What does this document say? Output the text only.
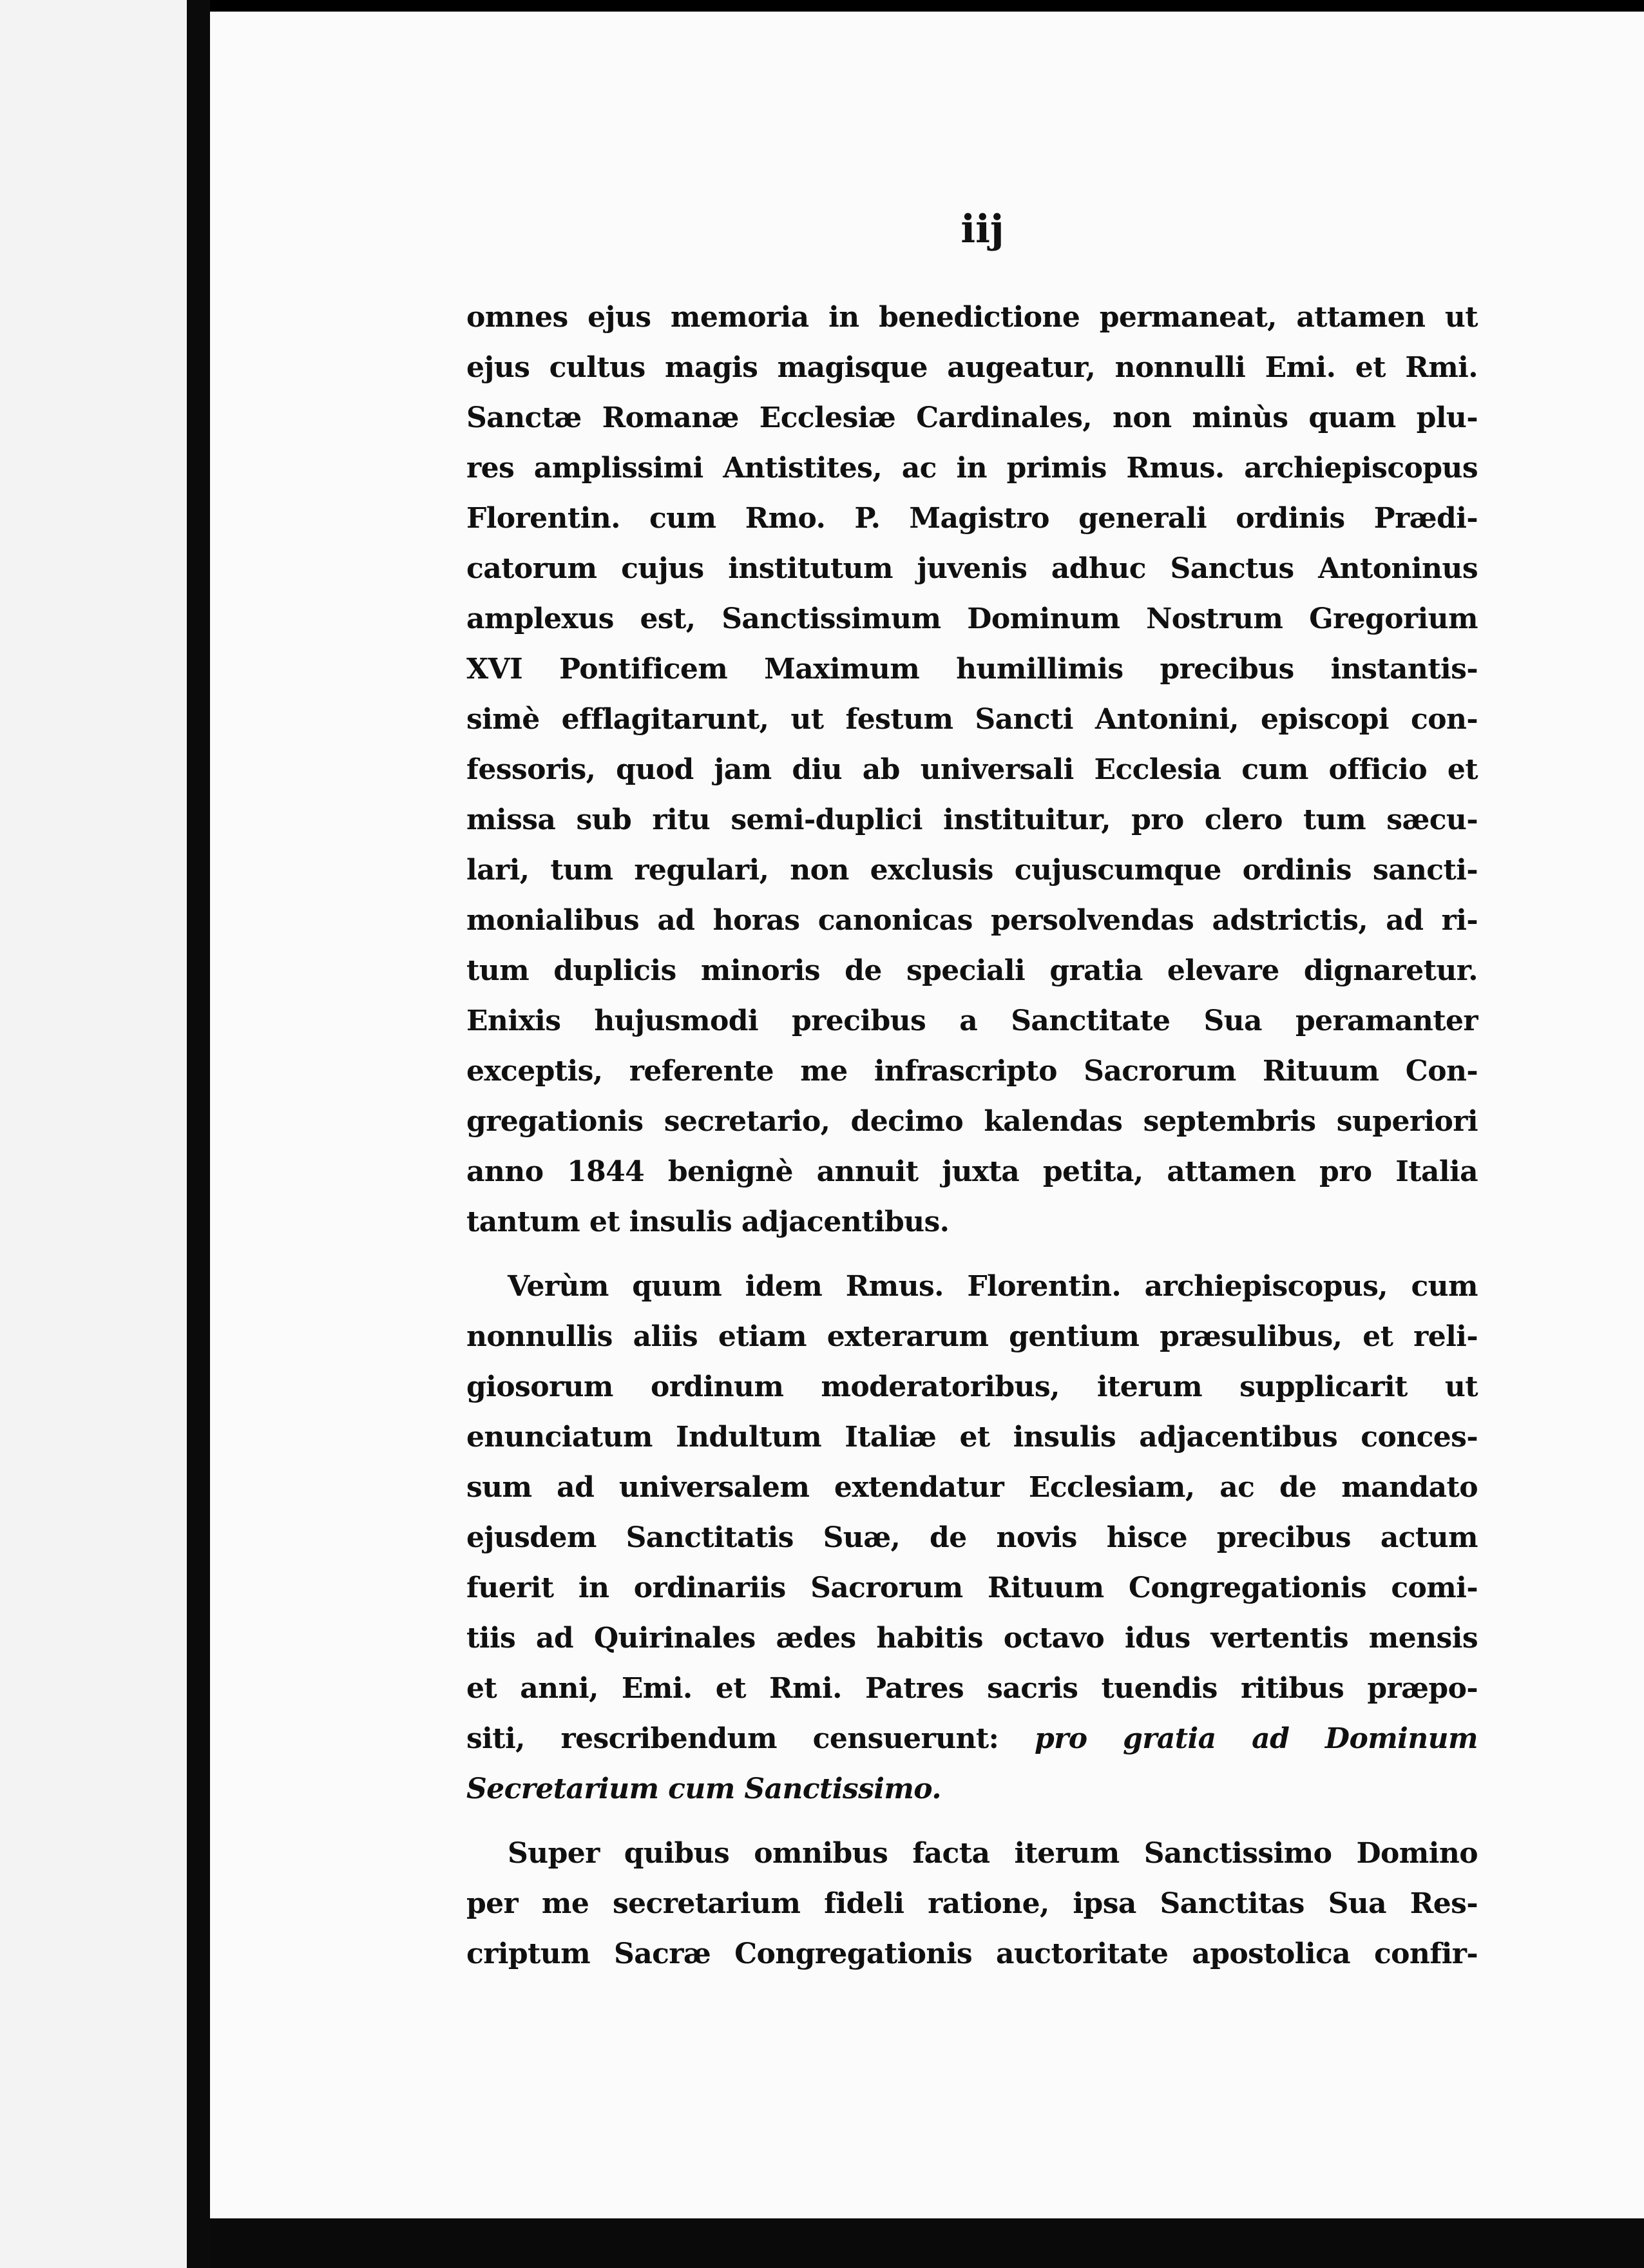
iij
omnes ejus memoria in benedictione permaneat, attamen ut
ejus cultus magis magisque augeatur, nonnulli Emi. et Rmi.
Sanctæ Romanæ Ecclesiæ Cardinales, non minùs quam plu-
res amplissimi Antistites, ac in primis Rmus. archiepiscopus
Florentin. cum Rmo. P. Magistro generali ordinis Prædi-
catorum cujus institutum juvenis adhuc Sanctus Antoninus
amplexus est, Sanctissimum Dominum Nostrum Gregorium
XVI Pontificem Maximum humillimis precibus instantis-
simè efflagitarunt, ut festum Sancti Antonini, episcopi con-
fessoris, quod jam diu ab universali Ecclesia cum officio et
missa sub ritu semi-duplici instituitur, pro clero tum sæcu-
lari, tum regulari, non exclusis cujuscumque ordinis sancti-
monialibus ad horas canonicas persolvendas adstrictis, ad ri-
tum duplicis minoris de speciali gratia elevare dignaretur.
Enixis hujusmodi precibus a Sanctitate Sua peramanter
exceptis, referente me infrascripto Sacrorum Rituum Con-
gregationis secretario, decimo kalendas septembris superiori
anno 1844 benignè annuit juxta petita, attamen pro Italia
tantum et insulis adjacentibus.
Verùm quum idem Rmus. Florentin. archiepiscopus, cum
nonnullis aliis etiam exterarum gentium præsulibus, et reli-
giosorum ordinum moderatoribus, iterum supplicarit ut
enunciatum Indultum Italiæ et insulis adjacentibus conces-
sum ad universalem extendatur Ecclesiam, ac de mandato
ejusdem Sanctitatis Suæ, de novis hisce precibus actum
fuerit in ordinariis Sacrorum Rituum Congregationis comi-
tiis ad Quirinales ædes habitis octavo idus vertentis mensis
et anni, Emi. et Rmi. Patres sacris tuendis ritibus præpo-
siti, rescribendum censuerunt: pro gratia ad Dominum
Secretarium cum Sanctissimo.
Super quibus omnibus facta iterum Sanctissimo Domino
per me secretarium fideli ratione, ipsa Sanctitas Sua Res-
criptum Sacræ Congregationis auctoritate apostolica confir-
